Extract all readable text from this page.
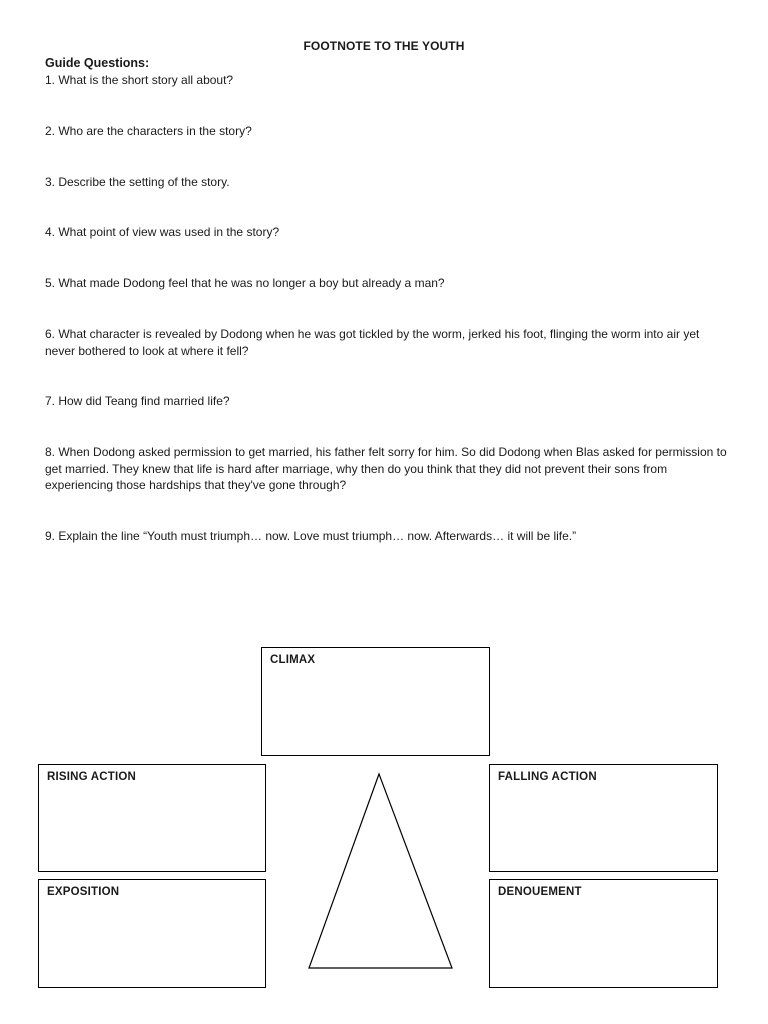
FOOTNOTE TO THE YOUTH
Guide Questions:
1. What is the short story all about?
2. Who are the characters in the story?
3. Describe the setting of the story.
4. What point of view was used in the story?
5. What made Dodong feel that he was no longer a boy but already a man?
6. What character is revealed by Dodong when he was got tickled by the worm, jerked his foot, flinging the worm into air yet never bothered to look at where it fell?
7. How did Teang find married life?
8. When Dodong asked permission to get married, his father felt sorry for him. So did Dodong when Blas asked for permission to get married. They knew that life is hard after marriage, why then do you think that they did not prevent their sons from experiencing those hardships that they've gone through?
9. Explain the line “Youth must triumph… now. Love must triumph… now. Afterwards… it will be life.”
CLIMAX
RISING ACTION	FALLING ACTION
EXPOSITION	DENOUEMENT
